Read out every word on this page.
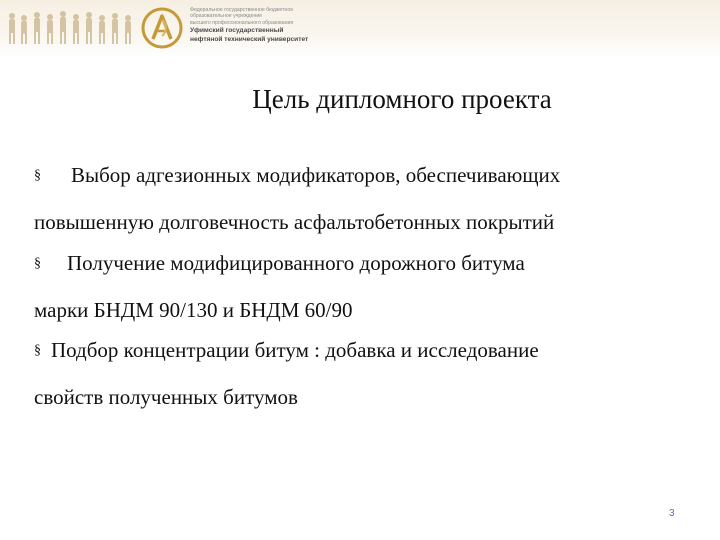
Федеральное государственное бюджетное
образовательное учреждение
высшего профессионального образования
Уфимский государственный
нефтяной технический университет
Цель дипломного проекта
§ Выбор адгезионных модификаторов, обеспечивающих
повышенную долговечность асфальтобетонных покрытий
§ Получение модифицированного дорожного битума
марки БНДМ 90/130 и БНДМ 60/90
§ Подбор концентрации битум : добавка и исследование
свойств полученных битумов
3
